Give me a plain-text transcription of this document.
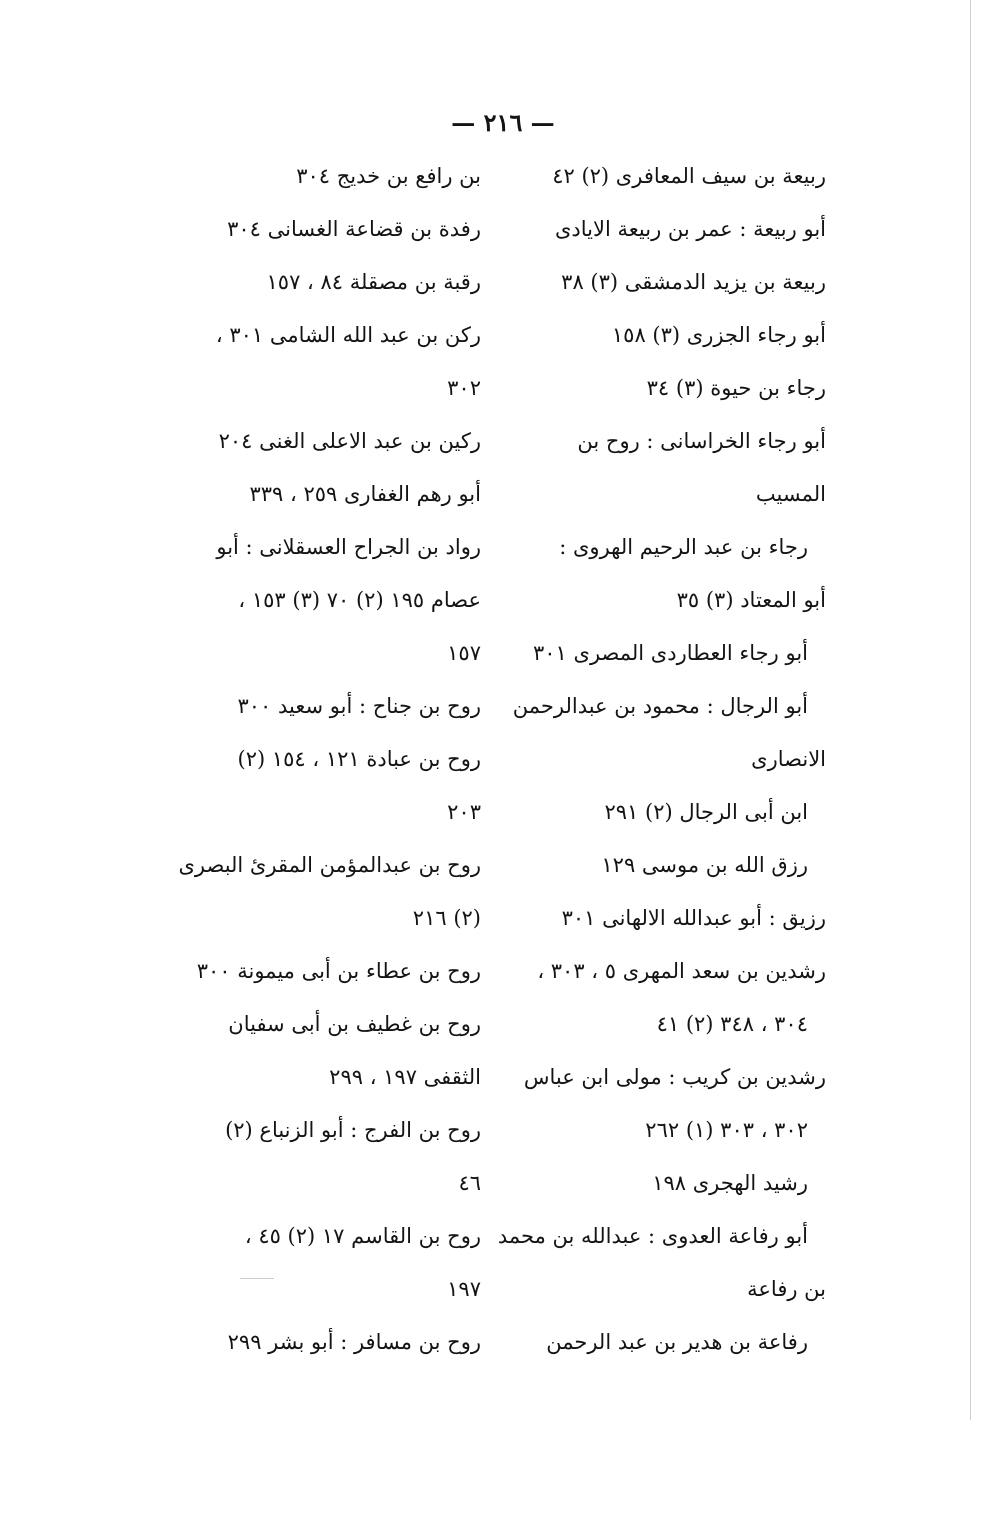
— ٢١٦ —
ربيعة بن سيف المعافرى (٢) ٤٢
أبو ربيعة : عمر بن ربيعة الايادى
ربيعة بن يزيد الدمشقى (٣) ٣٨
أبو رجاء الجزرى (٣) ١٥٨
رجاء بن حيوة (٣) ٣٤
أبو رجاء الخراسانى : روح بن
المسيب
رجاء بن عبد الرحيم الهروى :
أبو المعتاد (٣) ٣٥
أبو رجاء العطاردى المصرى ٣٠١
أبو الرجال : محمود بن عبدالرحمن
الانصارى
ابن أبى الرجال (٢) ٢٩١
رزق الله بن موسى ١٢٩
رزيق : أبو عبدالله الالهانى ٣٠١
رشدين بن سعد المهرى ٥ ، ٣٠٣ ،
٣٠٤ ، ٣٤٨ (٢) ٤١
رشدين بن كريب : مولى ابن عباس
٣٠٢ ، ٣٠٣ (١) ٢٦٢
رشيد الهجرى ١٩٨
أبو رفاعة العدوى : عبدالله بن محمد
بن رفاعة
رفاعة بن هدير بن عبد الرحمن
بن رافع بن خديج ٣٠٤
رفدة بن قضاعة الغسانى ٣٠٤
رقبة بن مصقلة ٨٤ ، ١٥٧
ركن بن عبد الله الشامى ٣٠١ ،
٣٠٢
ركين بن عبد الاعلى الغنى ٢٠٤
أبو رهم الغفارى ٢٥٩ ، ٣٣٩
رواد بن الجراح العسقلانى : أبو
عصام ١٩٥ (٢) ٧٠ (٣) ١٥٣ ،
١٥٧
روح بن جناح : أبو سعيد ٣٠٠
روح بن عبادة ١٢١ ، ١٥٤ (٢)
٢٠٣
روح بن عبدالمؤمن المقرئ البصرى
(٢) ٢١٦
روح بن عطاء بن أبى ميمونة ٣٠٠
روح بن غطيف بن أبى سفيان
الثقفى ١٩٧ ، ٢٩٩
روح بن الفرج : أبو الزنباع (٢)
٤٦
روح بن القاسم ١٧ (٢) ٤٥ ،
١٩٧
روح بن مسافر : أبو بشر ٢٩٩
